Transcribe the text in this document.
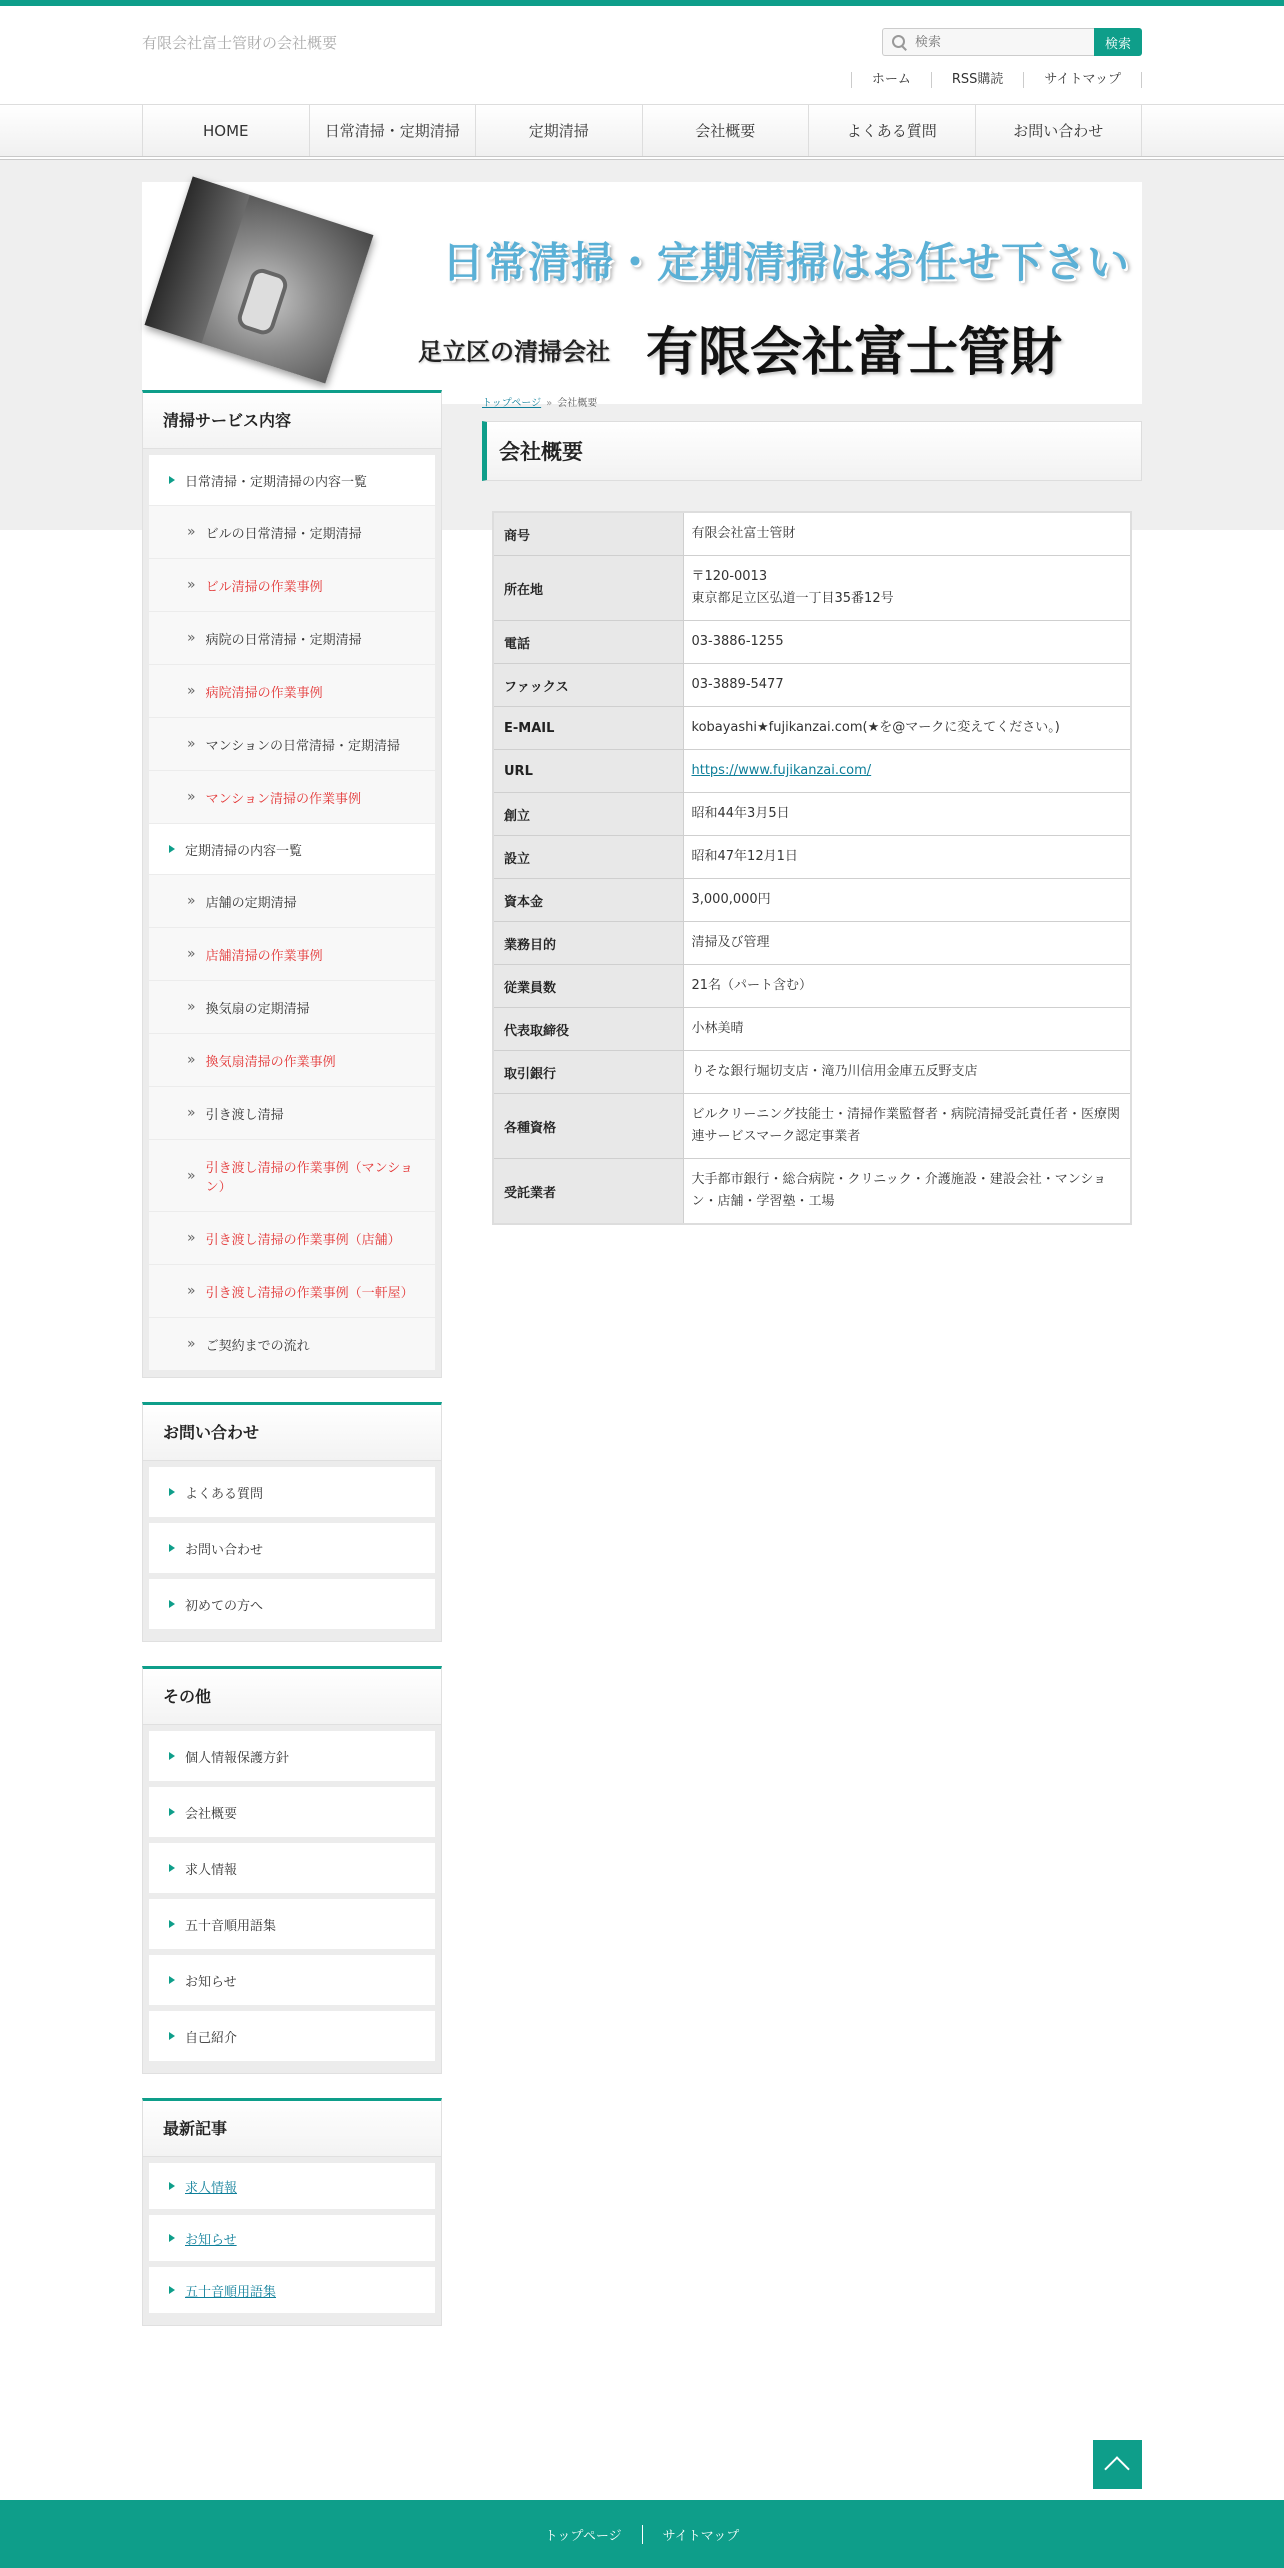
有限会社富士管財の会社概要
検索	検索
ホーム	RSS購読	サイトマップ
HOME	日常清掃・定期清掃	定期清掃	会社概要	よくある質問	お問い合わせ
日常清掃・定期清掃はお任せ下さい
足立区の清掃会社 有限会社富士管財
清掃サービス内容
日常清掃・定期清掃の内容一覧
» ビルの日常清掃・定期清掃
» ビル清掃の作業事例
» 病院の日常清掃・定期清掃
» 病院清掃の作業事例
» マンションの日常清掃・定期清掃
» マンション清掃の作業事例
定期清掃の内容一覧
» 店舗の定期清掃
» 店舗清掃の作業事例
» 換気扇の定期清掃
» 換気扇清掃の作業事例
» 引き渡し清掃
» 引き渡し清掃の作業事例（マンション）
» 引き渡し清掃の作業事例（店舗）
» 引き渡し清掃の作業事例（一軒屋）
» ご契約までの流れ
お問い合わせ
よくある質問
お問い合わせ
初めての方へ
その他
個人情報保護方針
会社概要
求人情報
五十音順用語集
お知らせ
自己紹介
最新記事
求人情報
お知らせ
五十音順用語集
トップページ » 会社概要
会社概要
商号	有限会社富士管財
所在地	〒120-0013
東京都足立区弘道一丁目35番12号

電話	03-3886-1255
ファックス	03-3889-5477
E-MAIL	kobayashi★fujikanzai.com(★を@マークに変えてください。)
URL	https://www.fujikanzai.com/
創立	昭和44年3月5日
設立	昭和47年12月1日
資本金	3,000,000円
業務目的	清掃及び管理
従業員数	21名（パート含む）
代表取締役	小林美晴
取引銀行	りそな銀行堀切支店・滝乃川信用金庫五反野支店
各種資格	ビルクリーニング技能士・清掃作業監督者・病院清掃受託責任者・医療関連サービスマーク認定事業者
受託業者	大手都市銀行・総合病院・クリニック・介護施設・建設会社・マンション・店舗・学習塾・工場
トップページ	サイトマップ
